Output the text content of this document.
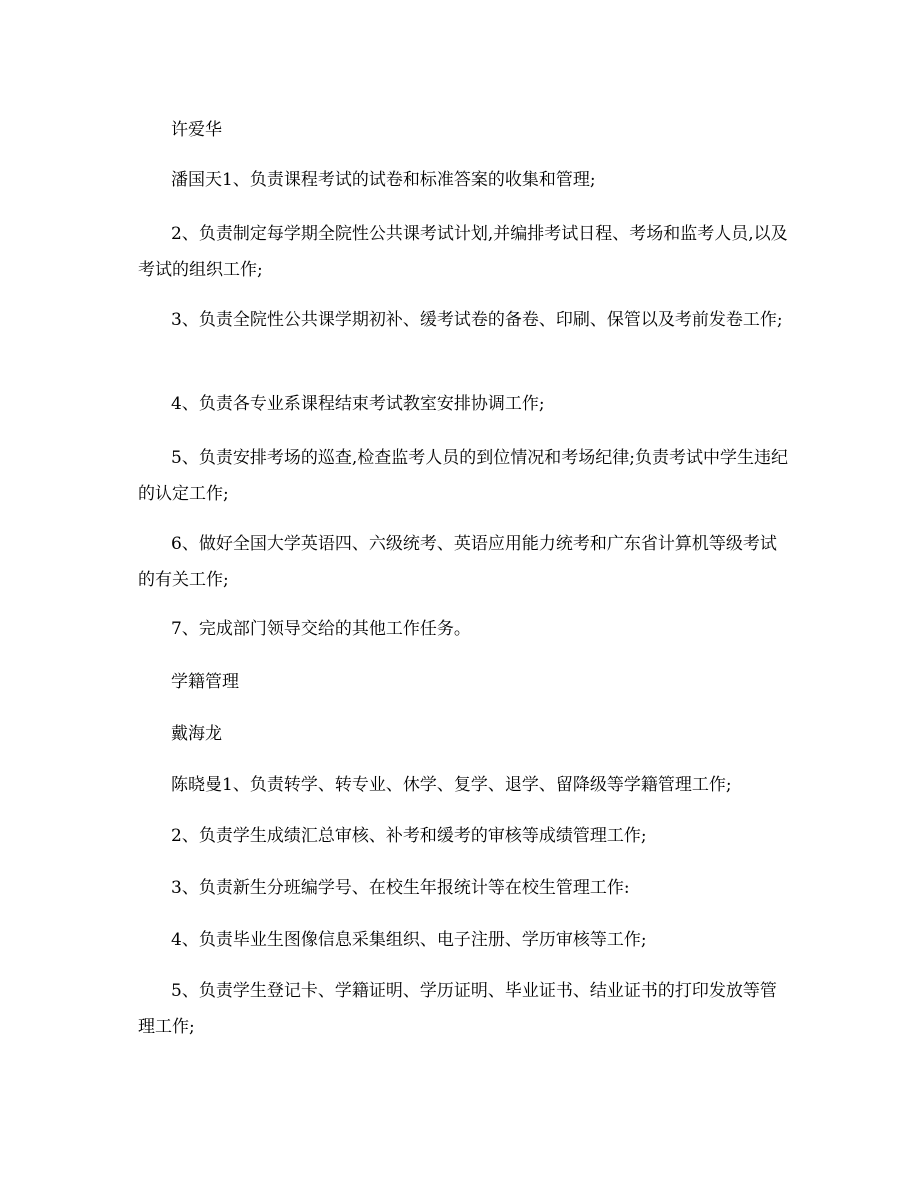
许爱华

潘国天1、负责课程考试的试卷和标准答案的收集和管理;

2、负责制定每学期全院性公共课考试计划,并编排考试日程、考场和监考人员,以及考试的组织工作;

3、负责全院性公共课学期初补、缓考试卷的备卷、印刷、保管以及考前发卷工作;

4、负责各专业系课程结束考试教室安排协调工作;

5、负责安排考场的巡查,检查监考人员的到位情况和考场纪律;负责考试中学生违纪的认定工作;

6、做好全国大学英语四、六级统考、英语应用能力统考和广东省计算机等级考试的有关工作;

7、完成部门领导交给的其他工作任务。

学籍管理

戴海龙

陈晓曼1、负责转学、转专业、休学、复学、退学、留降级等学籍管理工作;

2、负责学生成绩汇总审核、补考和缓考的审核等成绩管理工作;

3、负责新生分班编学号、在校生年报统计等在校生管理工作:

4、负责毕业生图像信息采集组织、电子注册、学历审核等工作;

5、负责学生登记卡、学籍证明、学历证明、毕业证书、结业证书的打印发放等管理工作;
